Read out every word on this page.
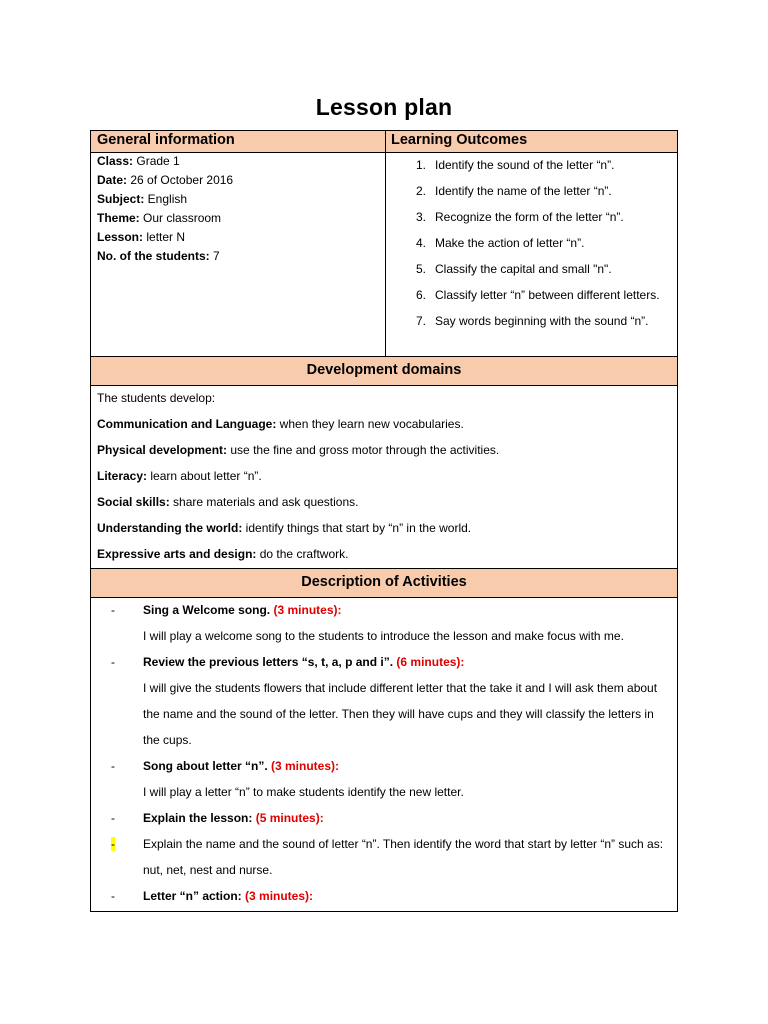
Lesson plan
General information	Learning Outcomes
Class: Grade 1
Date: 26 of October 2016
Subject: English
Theme: Our classroom
Lesson: letter N
No. of the students: 7
1. Identify the sound of the letter “n”.
2. Identify the name of the letter “n”.
3. Recognize the form of the letter “n”.
4. Make the action of letter “n”.
5. Classify the capital and small "n".
6. Classify letter “n” between different letters.
7. Say words beginning with the sound “n”.
Development domains
The students develop:
Communication and Language: when they learn new vocabularies.
Physical development: use the fine and gross motor through the activities.
Literacy: learn about letter “n”.
Social skills: share materials and ask questions.
Understanding the world: identify things that start by “n” in the world.
Expressive arts and design: do the craftwork.
Description of Activities
-	Sing a Welcome song. (3 minutes):
I will play a welcome song to the students to introduce the lesson and make focus with me.
-	Review the previous letters “s, t, a, p and i”. (6 minutes):
I will give the students flowers that include different letter that the take it and I will ask them about the name and the sound of the letter. Then they will have cups and they will classify the letters in the cups.
-	Song about letter “n”. (3 minutes):
I will play a letter “n” to make students identify the new letter.
-	Explain the lesson: (5 minutes):
-	Explain the name and the sound of letter “n”. Then identify the word that start by letter “n” such as: nut, net, nest and nurse.
-	Letter “n” action: (3 minutes):
